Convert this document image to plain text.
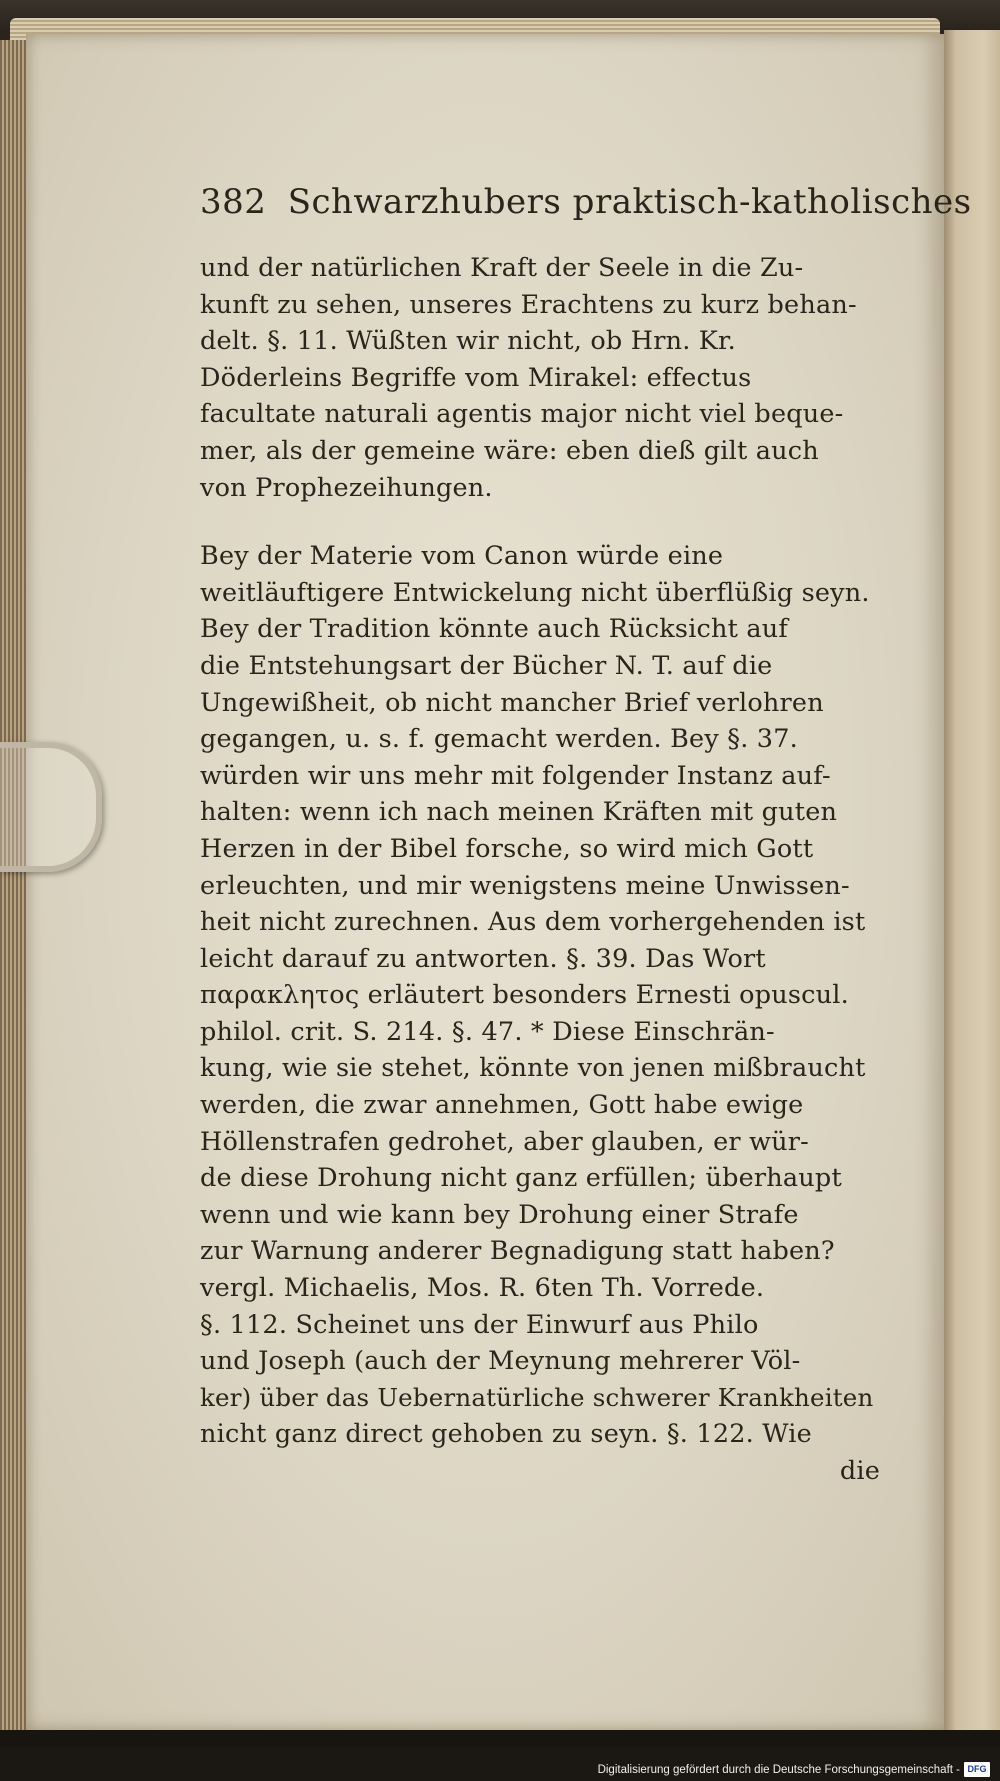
382 Schwarzhubers praktisch-katholisches

und der natürlichen Kraft der Seele in die Zu-

kunft zu sehen, unseres Erachtens zu kurz behan-

delt. §. 11. Wüßten wir nicht, ob Hrn. Kr.

Döderleins Begriffe vom Mirakel: effectus

facultate naturali agentis major nicht viel beque-

mer, als der gemeine wäre: eben dieß gilt auch

von Prophezeihungen.

Bey der Materie vom Canon würde eine

weitläuftigere Entwickelung nicht überflüßig seyn.

Bey der Tradition könnte auch Rücksicht auf

die Entstehungsart der Bücher N. T. auf die

Ungewißheit, ob nicht mancher Brief verlohren

gegangen, u. s. f. gemacht werden. Bey §. 37.

würden wir uns mehr mit folgender Instanz auf-

halten: wenn ich nach meinen Kräften mit guten

Herzen in der Bibel forsche, so wird mich Gott

erleuchten, und mir wenigstens meine Unwissen-

heit nicht zurechnen. Aus dem vorhergehenden ist

leicht darauf zu antworten. §. 39. Das Wort

παρακλητος erläutert besonders Ernesti opuscul.

philol. crit. S. 214. §. 47. * Diese Einschrän-

kung, wie sie stehet, könnte von jenen mißbraucht

werden, die zwar annehmen, Gott habe ewige

Höllenstrafen gedrohet, aber glauben, er wür-

de diese Drohung nicht ganz erfüllen; überhaupt

wenn und wie kann bey Drohung einer Strafe

zur Warnung anderer Begnadigung statt haben?

vergl. Michaelis, Mos. R. 6ten Th. Vorrede.

§. 112. Scheinet uns der Einwurf aus Philo

und Joseph (auch der Meynung mehrerer Völ-

ker) über das Uebernatürliche schwerer Krankheiten

nicht ganz direct gehoben zu seyn. §. 122. Wie

die

Digitalisierung gefördert durch die Deutsche Forschungsgemeinschaft - DFG
